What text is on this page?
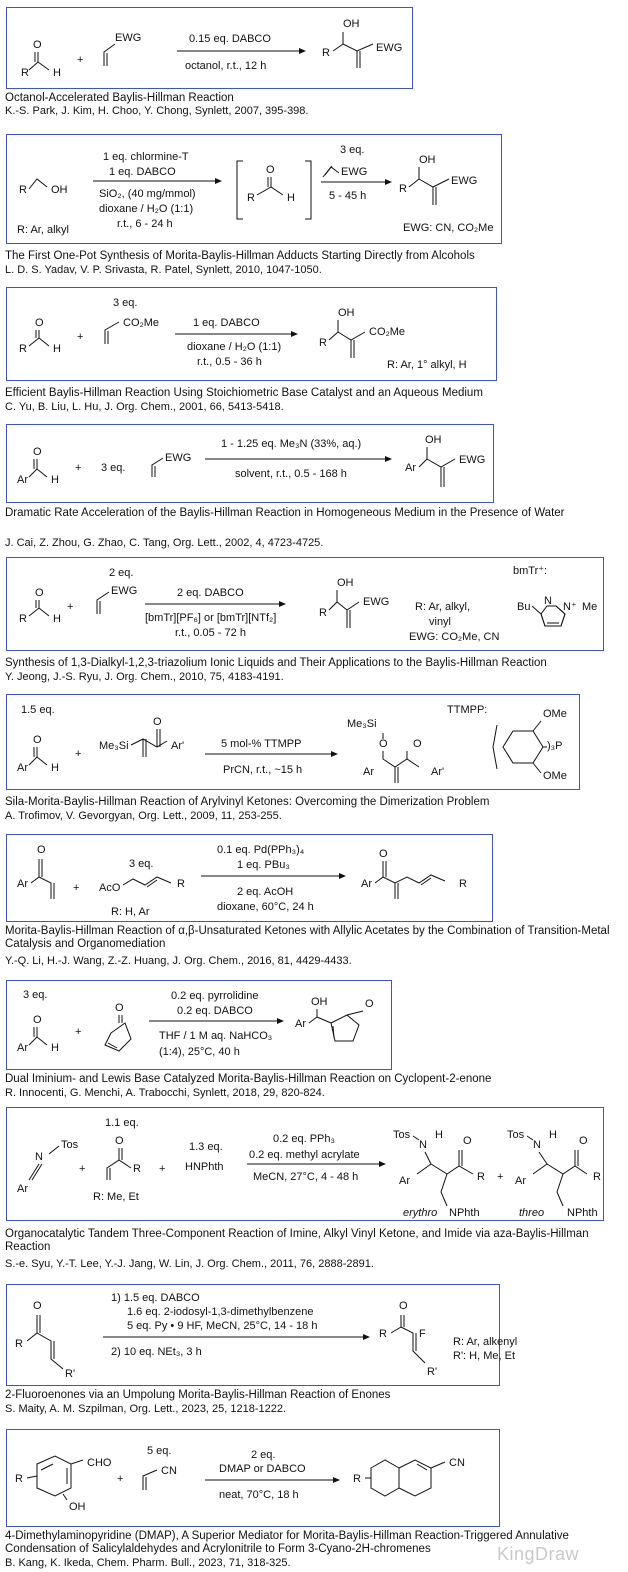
R H
O
+
EWG	0.15 eq. DABCO
octanol, r.t., 12 h
OH
R	EWG
Octanol-Accelerated Baylis-Hillman Reaction
K.-S. Park, J. Kim, H. Choo, Y. Chong, Synlett, 2007, 395-398.
R OH
R: Ar, alkyl
1 eq. chlormine-T
1 eq. DABCO
SiO₂, (40 mg/mmol)
dioxane / H₂O (1:1)
r.t., 6 - 24 h
R	H
O
3 eq.
EWG
5 - 45 h
OH
R
EWG
EWG: CN, CO₂Me
The First One-Pot Synthesis of Morita-Baylis-Hillman Adducts Starting Directly from Alcohols
L. D. S. Yadav, V. P. Srivasta, R. Patel, Synlett, 2010, 1047-1050.
R H
O
+
3 eq.
CO₂Me	1 eq. DABCO
dioxane / H₂O (1:1)
r.t., 0.5 - 36 h
OH
R
CO₂Me
R: Ar, 1° alkyl, H
Efficient Baylis-Hillman Reaction Using Stoichiometric Base Catalyst and an Aqueous Medium
C. Yu, B. Liu, L. Hu, J. Org. Chem., 2001, 66, 5413-5418.
Ar H
O
+ 3 eq.
EWG
1 - 1.25 eq. Me₃N (33%, aq.)
solvent, r.t., 0.5 - 168 h
OH
Ar
EWG
Dramatic Rate Acceleration of the Baylis-Hillman Reaction in Homogeneous Medium in the Presence of Water
J. Cai, Z. Zhou, G. Zhao, C. Tang, Org. Lett., 2002, 4, 4723-4725.
2 eq.
R H
O
+
EWG	2 eq. DABCO
[bmTr][PF₆] or [bmTr][NTf₂]
r.t., 0.05 - 72 h
OH
R
EWG R: Ar, alkyl,
vinyl
EWG: CO₂Me, CN
bmTr⁺:
Bu	Me
N N⁺
Synthesis of 1,3-Dialkyl-1,2,3-triazolium Ionic Liquids and Their Applications to the Baylis-Hillman Reaction
Y. Jeong, J.-S. Ryu, J. Org. Chem., 2010, 75, 4183-4191.
1.5 eq.
Ar H
O
+
Me₃Si	Ar'
O
5 mol-% TTMPP
PrCN, r.t., ~15 h
Me₃Si
O
Ar	Ar'
O
TTMPP:	OMe
OMe
)₃P
Sila-Morita-Baylis-Hillman Reaction of Arylvinyl Ketones: Overcoming the Dimerization Problem
A. Trofimov, V. Gevorgyan, Org. Lett., 2009, 11, 253-255.
Ar
O
+
3 eq.
AcO	R
R: H, Ar
0.1 eq. Pd(PPh₃)₄
1 eq. PBu₃
2 eq. AcOH
dioxane, 60°C, 24 h
Ar
O
R
Morita-Baylis-Hillman Reaction of α,β-Unsaturated Ketones with Allylic Acetates by the Combination of Transition-Metal Catalysis and Organomediation
Y.-Q. Li, H.-J. Wang, Z.-Z. Huang, J. Org. Chem., 2016, 81, 4429-4433.
3 eq.
Ar H
O
+
O
0.2 eq. pyrrolidine
0.2 eq. DABCO
THF / 1 M aq. NaHCO₃
(1:4), 25°C, 40 h
OH
Ar
O
Dual Iminium- and Lewis Base Catalyzed Morita-Baylis-Hillman Reaction on Cyclopent-2-enone
R. Innocenti, G. Menchi, A. Trabocchi, Synlett, 2018, 29, 820-824.
Tos
N
Ar
+
1.1 eq.
O
R
R: Me, Et
+
1.3 eq.
HNPhth
0.2 eq. PPh₃
0.2 eq. methyl acrylate
MeCN, 27°C, 4 - 48 h
Tos
N
H
Ar
O
R
NPhth
erythro
+
Tos
N
H
Ar
O
R
NPhth
threo
Organocatalytic Tandem Three-Component Reaction of Imine, Alkyl Vinyl Ketone, and Imide via aza-Baylis-Hillman Reaction
S.-e. Syu, Y.-T. Lee, Y.-J. Jang, W. Lin, J. Org. Chem., 2011, 76, 2888-2891.
O
R
R'
1) 1.5 eq. DABCO
1.6 eq. 2-iodosyl-1,3-dimethylbenzene
5 eq. Py • 9 HF, MeCN, 25°C, 14 - 18 h
2) 10 eq. NEt₃, 3 h
O
R	F
R'
R: Ar, alkenyl
R': H, Me, Et
2-Fluoroenones via an Umpolung Morita-Baylis-Hillman Reaction of Enones
S. Maity, A. M. Szpilman, Org. Lett., 2023, 25, 1218-1222.
R
CHO
OH
+
5 eq.
CN
2 eq.
DMAP or DABCO
neat, 70°C, 18 h
R
CN
4-Dimethylaminopyridine (DMAP), A Superior Mediator for Morita-Baylis-Hillman Reaction-Triggered Annulative Condensation of Salicylaldehydes and Acrylonitrile to Form 3-Cyano-2H-chromenes
B. Kang, K. Ikeda, Chem. Pharm. Bull., 2023, 71, 318-325.	KingDraw
